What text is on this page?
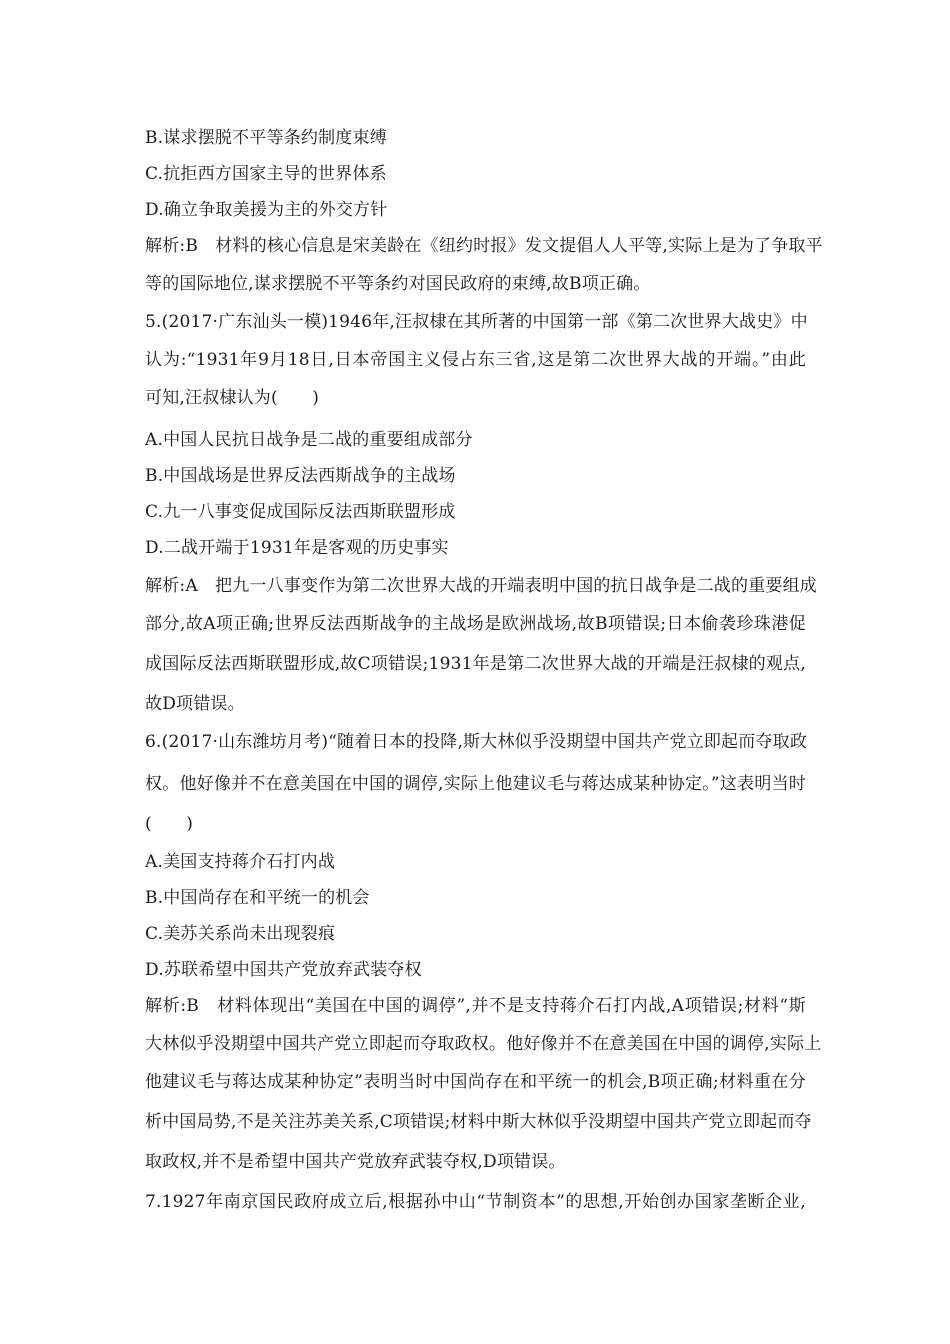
B.谋求摆脱不平等条约制度束缚
C.抗拒西方国家主导的世界体系
D.确立争取美援为主的外交方针
解析:B　材料的核心信息是宋美龄在《纽约时报》发文提倡人人平等,实际上是为了争取平
等的国际地位,谋求摆脱不平等条约对国民政府的束缚,故B项正确。
5.(2017·广东汕头一模)1946年,汪叔棣在其所著的中国第一部《第二次世界大战史》中
认为:“1931年9月18日,日本帝国主义侵占东三省,这是第二次世界大战的开端。”由此
可知,汪叔棣认为(　　)
A.中国人民抗日战争是二战的重要组成部分
B.中国战场是世界反法西斯战争的主战场
C.九一八事变促成国际反法西斯联盟形成
D.二战开端于1931年是客观的历史事实
解析:A　把九一八事变作为第二次世界大战的开端表明中国的抗日战争是二战的重要组成
部分,故A项正确;世界反法西斯战争的主战场是欧洲战场,故B项错误;日本偷袭珍珠港促
成国际反法西斯联盟形成,故C项错误;1931年是第二次世界大战的开端是汪叔棣的观点,
故D项错误。
6.(2017·山东潍坊月考)“随着日本的投降,斯大林似乎没期望中国共产党立即起而夺取政
权。他好像并不在意美国在中国的调停,实际上他建议毛与蒋达成某种协定。”这表明当时
(　　)
A.美国支持蒋介石打内战
B.中国尚存在和平统一的机会
C.美苏关系尚未出现裂痕
D.苏联希望中国共产党放弃武装夺权
解析:B　材料体现出“美国在中国的调停”,并不是支持蒋介石打内战,A项错误;材料“斯
大林似乎没期望中国共产党立即起而夺取政权。他好像并不在意美国在中国的调停,实际上
他建议毛与蒋达成某种协定”表明当时中国尚存在和平统一的机会,B项正确;材料重在分
析中国局势,不是关注苏美关系,C项错误;材料中斯大林似乎没期望中国共产党立即起而夺
取政权,并不是希望中国共产党放弃武装夺权,D项错误。
7.1927年南京国民政府成立后,根据孙中山“节制资本”的思想,开始创办国家垄断企业,
